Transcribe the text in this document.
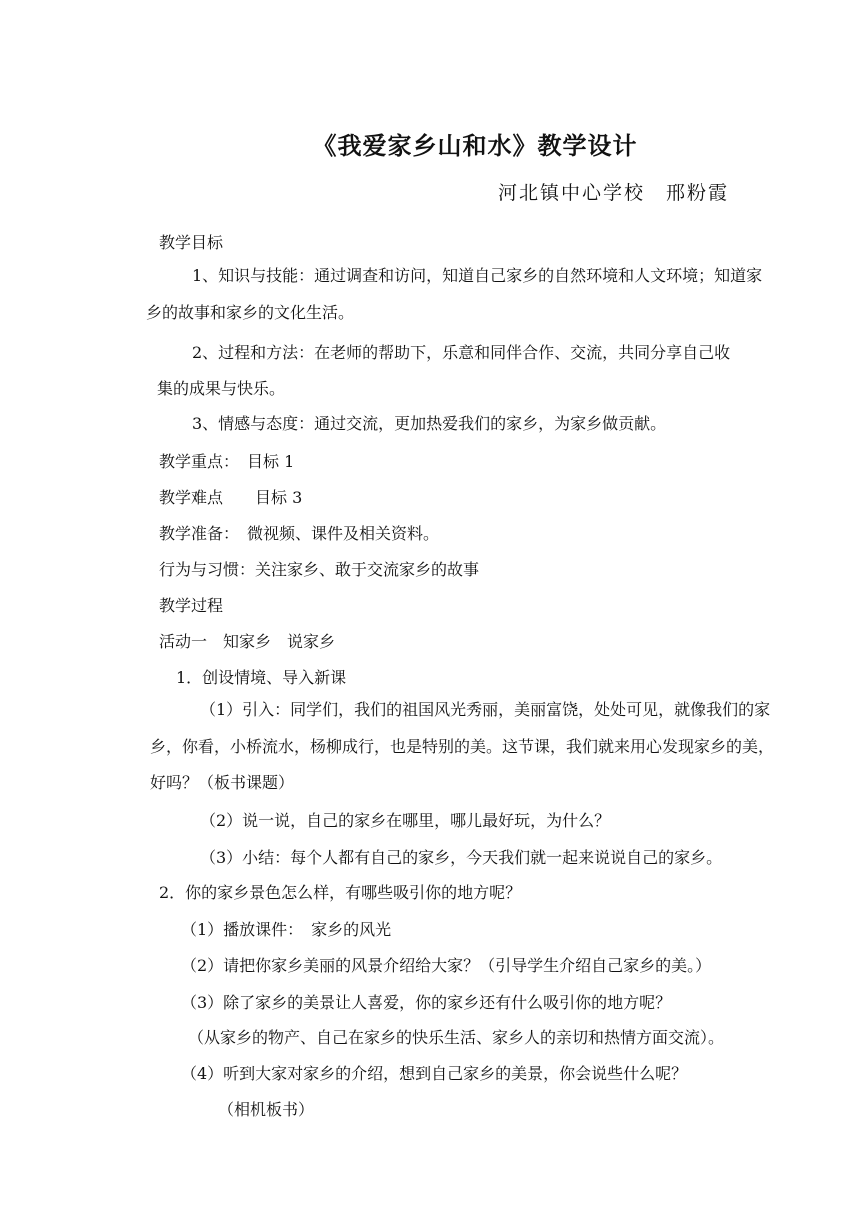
《我爱家乡山和水》教学设计
河北镇中心学校　邢粉霞
教学目标
1、知识与技能：通过调查和访问，知道自己家乡的自然环境和人文环境；知道家乡的故事和家乡的文化生活。
2、过程和方法：在老师的帮助下，乐意和同伴合作、交流，共同分享自己收
集的成果与快乐。
3、情感与态度：通过交流，更加热爱我们的家乡，为家乡做贡献。
教学重点：　目标 1
教学难点　　目标 3
教学准备：　微视频、课件及相关资料。
行为与习惯：关注家乡、敢于交流家乡的故事
教学过程
活动一　知家乡　说家乡
1．创设情境、导入新课
（1）引入：同学们，我们的祖国风光秀丽，美丽富饶，处处可见，就像我们的家乡，你看，小桥流水，杨柳成行，也是特别的美。这节课，我们就来用心发现家乡的美，好吗？（板书课题）
（2）说一说，自己的家乡在哪里，哪儿最好玩，为什么？
（3）小结：每个人都有自己的家乡，今天我们就一起来说说自己的家乡。
2．你的家乡景色怎么样，有哪些吸引你的地方呢？
（1）播放课件：　家乡的风光
（2）请把你家乡美丽的风景介绍给大家？（引导学生介绍自己家乡的美。）
（3）除了家乡的美景让人喜爱，你的家乡还有什么吸引你的地方呢？
（从家乡的物产、自己在家乡的快乐生活、家乡人的亲切和热情方面交流）。
（4）听到大家对家乡的介绍，想到自己家乡的美景，你会说些什么呢？
（相机板书）
